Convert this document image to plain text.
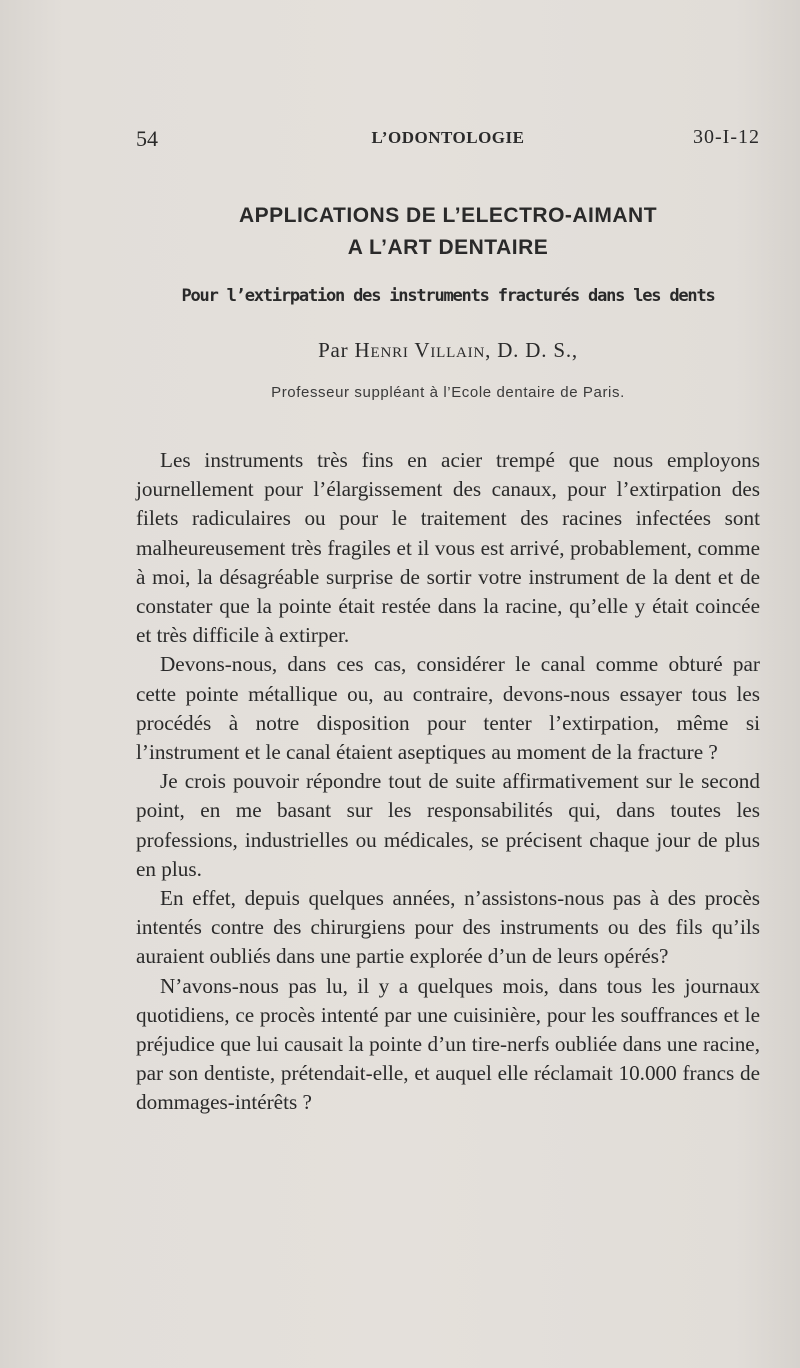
54	L’ODONTOLOGIE	30-I-12
APPLICATIONS DE L’ELECTRO-AIMANT
A L’ART DENTAIRE
Pour l’extirpation des instruments fracturés dans les dents
Par Henri Villain, D. D. S.,
Professeur suppléant à l’Ecole dentaire de Paris.

Les instruments très fins en acier trempé que nous employons journellement pour l’élargissement des canaux, pour l’extirpation des filets radiculaires ou pour le traitement des racines infectées sont malheureusement très fragiles et il vous est arrivé, probablement, comme à moi, la désagréable surprise de sortir votre instrument de la dent et de constater que la pointe était restée dans la racine, qu’elle y était coincée et très difficile à extirper.

Devons-nous, dans ces cas, considérer le canal comme obturé par cette pointe métallique ou, au contraire, devons-nous essayer tous les procédés à notre disposition pour tenter l’extirpation, même si l’instrument et le canal étaient aseptiques au moment de la fracture ?

Je crois pouvoir répondre tout de suite affirmativement sur le second point, en me basant sur les responsabilités qui, dans toutes les professions, industrielles ou médicales, se précisent chaque jour de plus en plus.

En effet, depuis quelques années, n’assistons-nous pas à des procès intentés contre des chirurgiens pour des instruments ou des fils qu’ils auraient oubliés dans une partie explorée d’un de leurs opérés?

N’avons-nous pas lu, il y a quelques mois, dans tous les journaux quotidiens, ce procès intenté par une cuisinière, pour les souffrances et le préjudice que lui causait la pointe d’un tire-nerfs oubliée dans une racine, par son dentiste, prétendait-elle, et auquel elle réclamait 10.000 francs de dommages-intérêts ?
